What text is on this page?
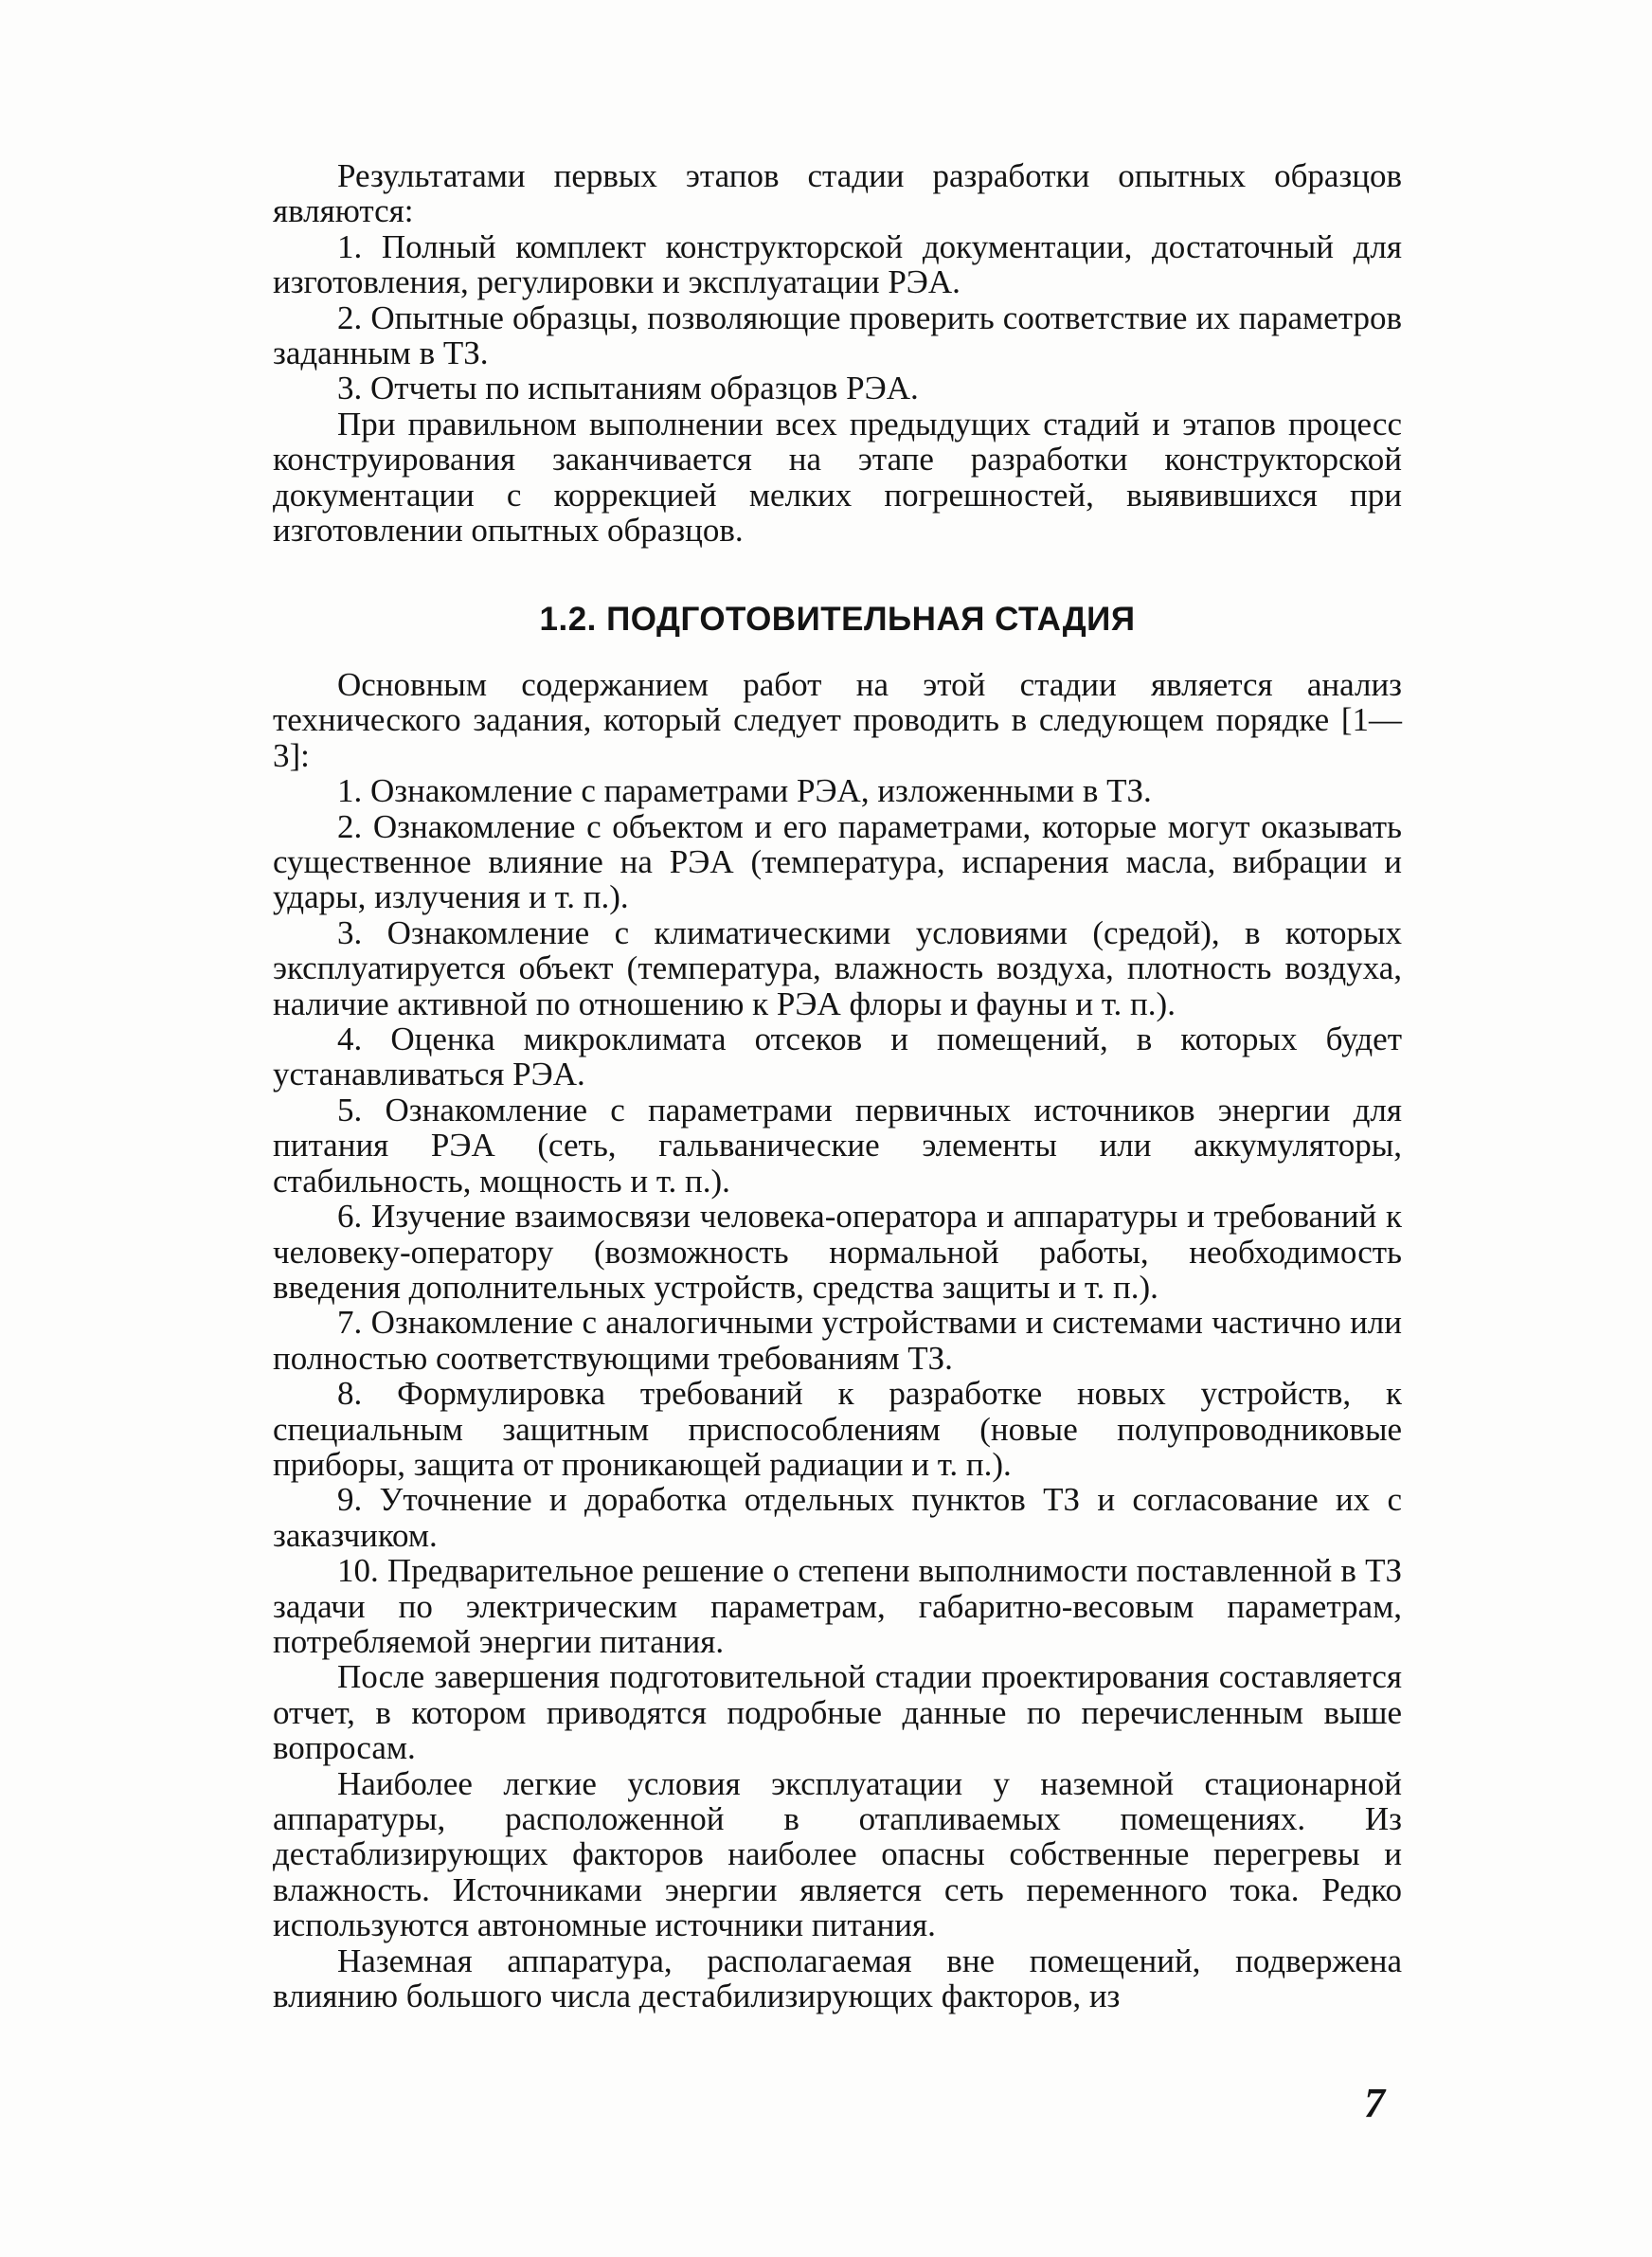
Результатами первых этапов стадии разработки опытных образцов являются:

1. Полный комплект конструкторской документации, достаточный для изготовления, регулировки и эксплуатации РЭА.

2. Опытные образцы, позволяющие проверить соответствие их параметров заданным в ТЗ.

3. Отчеты по испытаниям образцов РЭА.

При правильном выполнении всех предыдущих стадий и этапов процесс конструирования заканчивается на этапе разработки конструкторской документации с коррекцией мелких погрешностей, выявившихся при изготовлении опытных образцов.

1.2. ПОДГОТОВИТЕЛЬНАЯ СТАДИЯ

Основным содержанием работ на этой стадии является анализ технического задания, который следует проводить в следующем порядке [1—3]:

1. Ознакомление с параметрами РЭА, изложенными в ТЗ.

2. Ознакомление с объектом и его параметрами, которые могут оказывать существенное влияние на РЭА (температура, испарения масла, вибрации и удары, излучения и т. п.).

3. Ознакомление с климатическими условиями (средой), в которых эксплуатируется объект (температура, влажность воздуха, плотность воздуха, наличие активной по отношению к РЭА флоры и фауны и т. п.).

4. Оценка микроклимата отсеков и помещений, в которых будет устанавливаться РЭА.

5. Ознакомление с параметрами первичных источников энергии для питания РЭА (сеть, гальванические элементы или аккумуляторы, стабильность, мощность и т. п.).

6. Изучение взаимосвязи человека-оператора и аппаратуры и требований к человеку-оператору (возможность нормальной работы, необходимость введения дополнительных устройств, средства защиты и т. п.).

7. Ознакомление с аналогичными устройствами и системами частично или полностью соответствующими требованиям ТЗ.

8. Формулировка требований к разработке новых устройств, к специальным защитным приспособлениям (новые полупроводниковые приборы, защита от проникающей радиации и т. п.).

9. Уточнение и доработка отдельных пунктов ТЗ и согласование их с заказчиком.

10. Предварительное решение о степени выполнимости поставленной в ТЗ задачи по электрическим параметрам, габаритно-весовым параметрам, потребляемой энергии питания.

После завершения подготовительной стадии проектирования составляется отчет, в котором приводятся подробные данные по перечисленным выше вопросам.

Наиболее легкие условия эксплуатации у наземной стационарной аппаратуры, расположенной в отапливаемых помещениях. Из дестаблизирующих факторов наиболее опасны собственные перегревы и влажность. Источниками энергии является сеть переменного тока. Редко используются автономные источники питания.

Наземная аппаратура, располагаемая вне помещений, подвержена влиянию большого числа дестабилизирующих факторов, из

7
